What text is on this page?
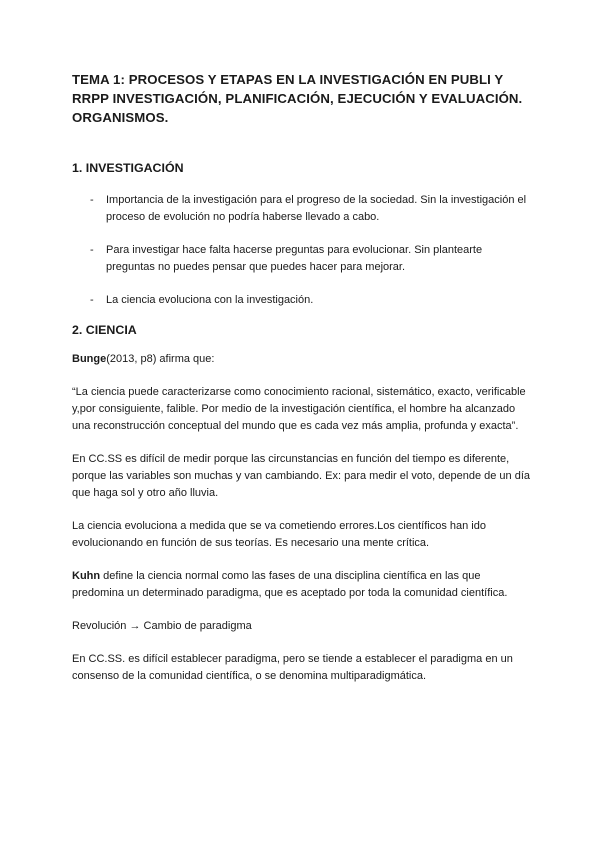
TEMA 1: PROCESOS Y ETAPAS EN LA INVESTIGACIÓN EN PUBLI Y RRPP INVESTIGACIÓN, PLANIFICACIÓN, EJECUCIÓN Y EVALUACIÓN. ORGANISMOS.
1. INVESTIGACIÓN
- Importancia de la investigación para el progreso de la sociedad. Sin la investigación el proceso de evolución no podría haberse llevado a cabo.
- Para investigar hace falta hacerse preguntas para evolucionar. Sin plantearte preguntas no puedes pensar que puedes hacer para mejorar.
- La ciencia evoluciona con la investigación.
2. CIENCIA

Bunge(2013, p8) afirma que:

“La ciencia puede caracterizarse como conocimiento racional, sistemático, exacto, verificable y,por consiguiente, falible. Por medio de la investigación científica, el hombre ha alcanzado una reconstrucción conceptual del mundo que es cada vez más amplia, profunda y exacta”.

En CC.SS es difícil de medir porque las circunstancias en función del tiempo es diferente, porque las variables son muchas y van cambiando. Ex: para medir el voto, depende de un día que haga sol y otro año lluvia.

La ciencia evoluciona a medida que se va cometiendo errores.Los científicos han ido evolucionando en función de sus teorías. Es necesario una mente crítica.

Kuhn define la ciencia normal como las fases de una disciplina científica en las que predomina un determinado paradigma, que es aceptado por toda la comunidad científica.

Revolución → Cambio de paradigma

En CC.SS. es difícil establecer paradigma, pero se tiende a establecer el paradigma en un consenso de la comunidad científica, o se denomina multiparadigmática.
